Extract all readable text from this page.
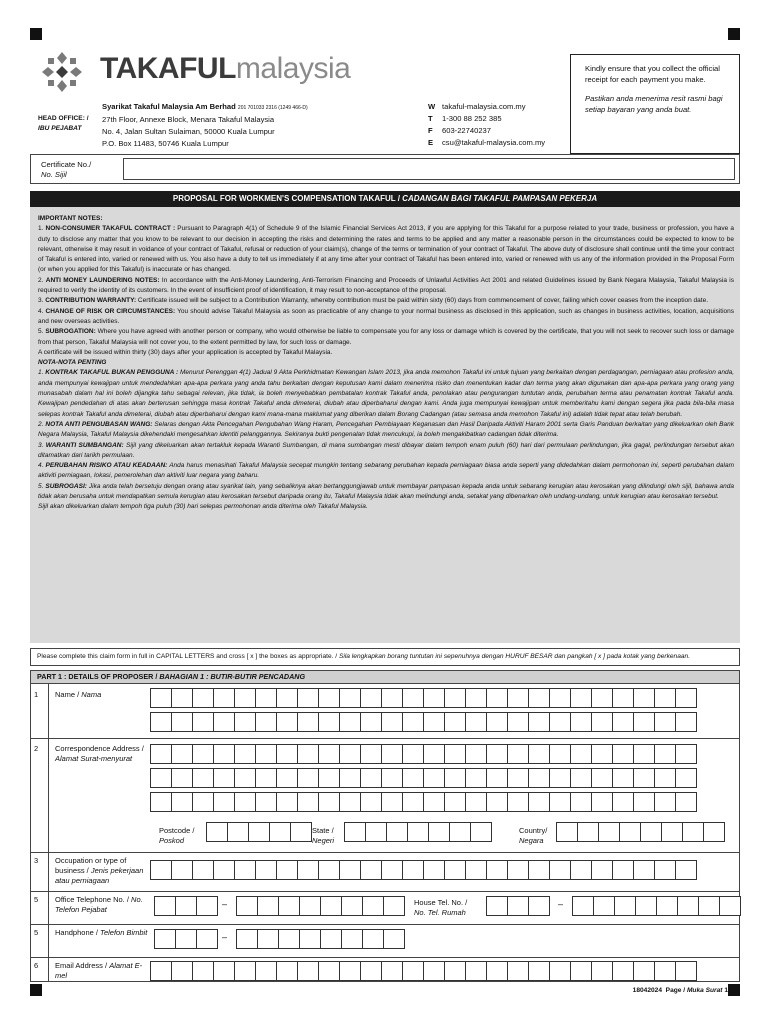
TAKAFULmalaysia
HEAD OFFICE: /
IBU PEJABAT
Syarikat Takaful Malaysia Am Berhad 201 701033 2316 (1249 466-D)
27th Floor, Annexe Block, Menara Takaful Malaysia
No. 4, Jalan Sultan Sulaiman, 50000 Kuala Lumpur
P.O. Box 11483, 50746 Kuala Lumpur
W takaful-malaysia.com.my
T	1-300 88 252 385
F	603-22740237
E	csu@takaful-malaysia.com.my
Kindly ensure that you collect the official receipt for each payment you make.
Pastikan anda menerima resit rasmi bagi setiap bayaran yang anda buat.
Certificate No./
No. Sijil
PROPOSAL FOR WORKMEN'S COMPENSATION TAKAFUL / CADANGAN BAGI TAKAFUL PAMPASAN PEKERJA

IMPORTANT NOTES:

1. NON-CONSUMER TAKAFUL CONTRACT : Pursuant to Paragraph 4(1) of Schedule 9 of the Islamic Financial Services Act 2013, if you are applying for this Takaful for a purpose related to your trade, business or profession, you have a duty to disclose any matter that you know to be relevant to our decision in accepting the risks and determining the rates and terms to be applied and any matter a reasonable person in the circumstances could be expected to know to be relevant, otherwise it may result in voidance of your contract of Takaful, refusal or reduction of your claim(s), change of the terms or termination of your contract of Takaful. The above duty of disclosure shall continue until the time your contract of Takaful is entered into, varied or renewed with us. You also have a duty to tell us immediately if at any time after your contract of Takaful has been entered into, varied or renewed with us any of the information provided in the Proposal Form (or when you applied for this Takaful) is inaccurate or has changed.

2. ANTI MONEY LAUNDERING NOTES: In accordance with the Anti-Money Laundering, Anti-Terrorism Financing and Proceeds of Unlawful Activities Act 2001 and related Guidelines issued by Bank Negara Malaysia, Takaful Malaysia is required to verify the identity of its customers. In the event of insufficient proof of identification, it may result to non-acceptance of the proposal.

3. CONTRIBUTION WARRANTY: Certificate issued will be subject to a Contribution Warranty, whereby contribution must be paid within sixty (60) days from commencement of cover, failing which cover ceases from the inception date.

4. CHANGE OF RISK OR CIRCUMSTANCES: You should advise Takaful Malaysia as soon as practicable of any change to your normal business as disclosed in this application, such as changes in business activities, location, acquisitions and new overseas activities.

5. SUBROGATION: Where you have agreed with another person or company, who would otherwise be liable to compensate you for any loss or damage which is covered by the certificate, that you will not seek to recover such loss or damage from that person, Takaful Malaysia will not cover you, to the extent permitted by law, for such loss or damage.

A certificate will be issued within thirty (30) days after your application is accepted by Takaful Malaysia.

NOTA-NOTA PENTING

1. KONTRAK TAKAFUL BUKAN PENGGUNA : Menurut Perenggan 4(1) Jadual 9 Akta Perkhidmatan Kewangan Islam 2013, jika anda memohon Takaful ini untuk tujuan yang berkaitan dengan perdagangan, perniagaan atau profesion anda, anda mempunyai kewajipan untuk mendedahkan apa-apa perkara yang anda tahu berkaitan dengan keputusan kami dalam menerima risiko dan menentukan kadar dan terma yang akan digunakan dan apa-apa perkara yang orang yang munasabah dalam hal ini boleh dijangka tahu sebagai relevan, jika tidak, ia boleh menyebabkan pembatalan kontrak Takaful anda, penolakan atau pengurangan tuntutan anda, perubahan terma atau penamatan kontrak Takaful anda. Kewajipan pendedahan di atas akan berterusan sehingga masa kontrak Takaful anda dimeterai, diubah atau diperbaharui dengan kami. Anda juga mempunyai kewajipan untuk memberitahu kami dengan segera jika pada bila-bila masa selepas kontrak Takaful anda dimeterai, diubah atau diperbaharui dengan kami mana-mana maklumat yang diberikan dalam Borang Cadangan (atau semasa anda memohon Takaful ini) adalah tidak tepat atau telah berubah.

2. NOTA ANTI PENGUBASAN WANG: Selaras dengan Akta Pencegahan Pengubahan Wang Haram, Pencegahan Pembiayaan Keganasan dan Hasil Daripada Aktiviti Haram 2001 serta Garis Panduan berkaitan yang dikeluarkan oleh Bank Negara Malaysia, Takaful Malaysia dikehendaki mengesahkan identiti pelanggannya. Sekiranya bukti pengenalan tidak mencukupi, ia boleh mengakibatkan cadangan tidak diterima.

3. WARANTI SUMBANGAN: Sijil yang dikeluarkan akan tertakluk kepada Waranti Sumbangan, di mana sumbangan mesti dibayar dalam tempoh enam puluh (60) hari dari permulaan perlindungan, jika gagal, perlindungan tersebut akan ditamatkan dari tarikh permulaan.

4. PERUBAHAN RISIKO ATAU KEADAAN: Anda harus menasihati Takaful Malaysia secepat mungkin tentang sebarang perubahan kepada perniagaan biasa anda seperti yang didedahkan dalam permohonan ini, seperti perubahan dalam aktiviti perniagaan, lokasi, pemerolehan dan aktiviti luar negara yang baharu.

5. SUBROGASI: Jika anda telah bersetuju dengan orang atau syarikat lain, yang sebaliknya akan bertanggungjawab untuk membayar pampasan kepada anda untuk sebarang kerugian atau kerosakan yang dilindungi oleh sijil, bahawa anda tidak akan berusaha untuk mendapatkan semula kerugian atau kerosakan tersebut daripada orang itu, Takaful Malaysia tidak akan melindungi anda, setakat yang dibenarkan oleh undang-undang, untuk kerugian atau kerosakan tersebut.

Sijil akan dikeluarkan dalam tempoh tiga puluh (30) hari selepas permohonan anda diterima oleh Takaful Malaysia.

Please complete this claim form in full in CAPITAL LETTERS and cross [ x ] the boxes as appropriate. / Sila lengkapkan borang tuntutan ini sepenuhnya dengan HURUF BESAR dan pangkah [ x ] pada kotak yang berkenaan.
PART 1 : DETAILS OF PROPOSER / BAHAGIAN 1 : BUTIR-BUTIR PENCADANG
1 Name / Nama
2 Correspondence Address / Alamat Surat-menyurat
Postcode /
Poskod
State /
Negeri
Country/
Negara
3 Occupation or type of business / Jenis pekerjaan atau perniagaan
5 Office Telephone No. / No. Telefon Pejabat
–	House Tel. No. /
No. Tel. Rumah
–
5 Handphone / Telefon Bimbit	–
6 Email Address / Alamat E-mel
18042024 Page / Muka Surat 1
